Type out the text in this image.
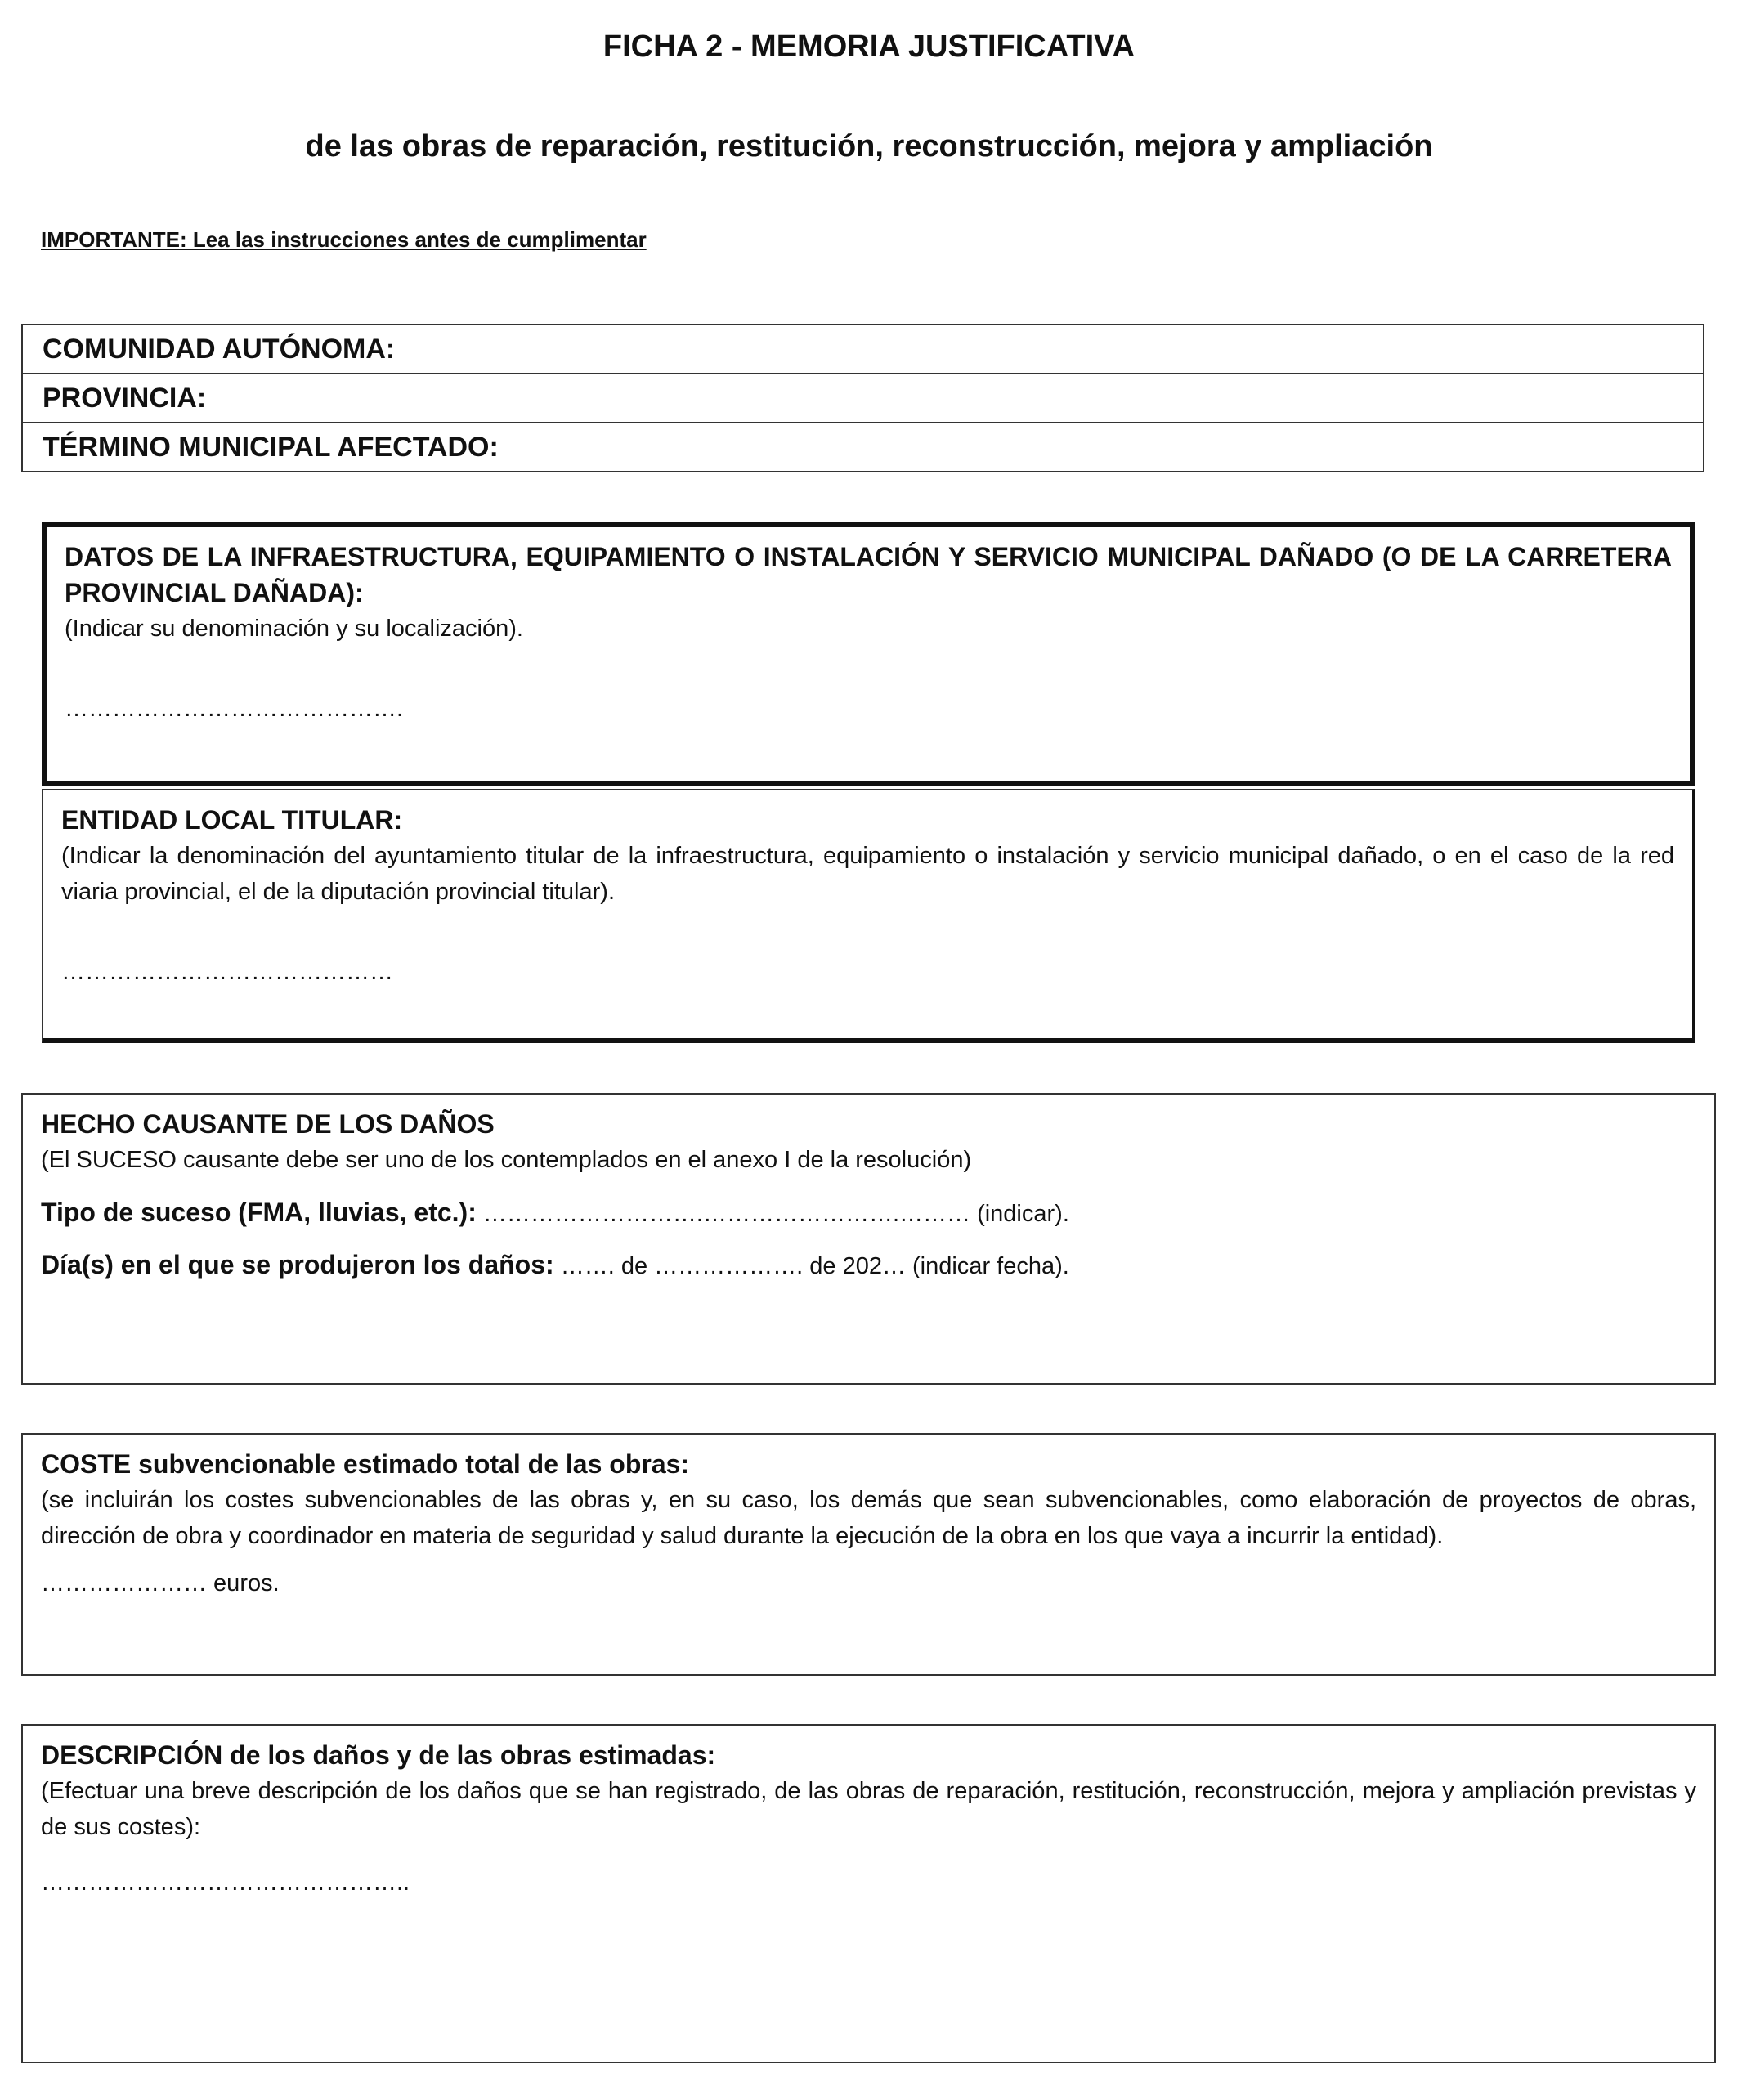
FICHA 2 - MEMORIA JUSTIFICATIVA
de las obras de reparación, restitución, reconstrucción, mejora y ampliación
IMPORTANTE: Lea las instrucciones antes de cumplimentar
COMUNIDAD AUTÓNOMA:
PROVINCIA:
TÉRMINO MUNICIPAL AFECTADO:
DATOS DE LA INFRAESTRUCTURA, EQUIPAMIENTO O INSTALACIÓN Y SERVICIO MUNICIPAL DAÑADO (O DE LA CARRETERA PROVINCIAL DAÑADA):
(Indicar su denominación y su localización).
…………………………………….
ENTIDAD LOCAL TITULAR:
(Indicar la denominación del ayuntamiento titular de la infraestructura, equipamiento o instalación y servicio municipal dañado, o en el caso de la red viaria provincial, el de la diputación provincial titular).
……………………………………
HECHO CAUSANTE DE LOS DAÑOS
(El SUCESO causante debe ser uno de los contemplados en el anexo I de la resolución)
Tipo de suceso (FMA, lluvias, etc.): ……………………….…………………….……… (indicar).
Día(s) en el que se produjeron los daños: ……. de ………………. de 202… (indicar fecha).
COSTE subvencionable estimado total de las obras:
(se incluirán los costes subvencionables de las obras y, en su caso, los demás que sean subvencionables, como elaboración de proyectos de obras, dirección de obra y coordinador en materia de seguridad y salud durante la ejecución de la obra en los que vaya a incurrir la entidad).
………………… euros.
DESCRIPCIÓN de los daños y de las obras estimadas:
(Efectuar una breve descripción de los daños que se han registrado, de las obras de reparación, restitución, reconstrucción, mejora y ampliación previstas y de sus costes):
………………………………………..
